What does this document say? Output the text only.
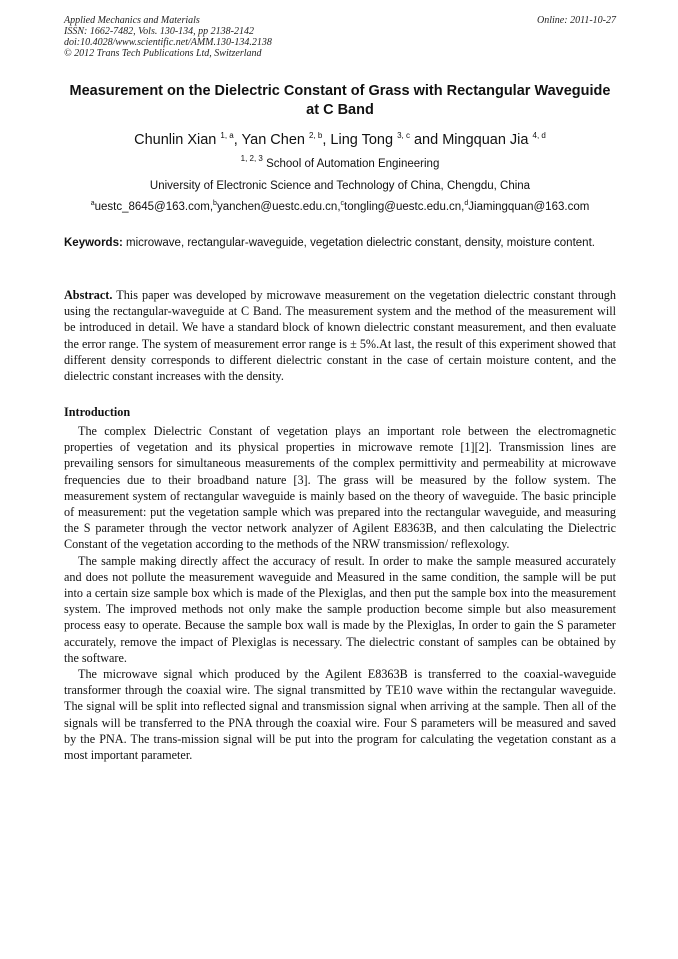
Applied Mechanics and Materials
ISSN: 1662-7482, Vols. 130-134, pp 2138-2142
doi:10.4028/www.scientific.net/AMM.130-134.2138
© 2012 Trans Tech Publications Ltd, Switzerland
Online: 2011-10-27
Measurement on the Dielectric Constant of Grass with Rectangular Waveguide at C Band
Chunlin Xian $^{1, a}$, Yan Chen $^{2, b}$, Ling Tong $^{3, c}$ and Mingquan Jia $^{4, d}$
$^{1, 2, 3}$ School of Automation Engineering
University of Electronic Science and Technology of China, Chengdu, China
$^a$uestc_8645@163.com,$^b$yanchen@uestc.edu.cn,$^c$tongling@uestc.edu.cn,$^d$Jiamingquan@163.com
Keywords: microwave, rectangular-waveguide, vegetation dielectric constant, density, moisture content.
Abstract. This paper was developed by microwave measurement on the vegetation dielectric constant through using the rectangular-waveguide at C Band. The measurement system and the method of the measurement will be introduced in detail. We have a standard block of known dielectric constant measurement, and then evaluate the error range. The system of measurement error range is ± 5%.At last, the result of this experiment showed that different density corresponds to different dielectric constant in the case of certain moisture content, and the dielectric constant increases with the density.
Introduction

The complex Dielectric Constant of vegetation plays an important role between the electromagnetic properties of vegetation and its physical properties in microwave remote [1][2]. Transmission lines are prevailing sensors for simultaneous measurements of the complex permittivity and permeability at microwave frequencies due to their broadband nature [3]. The grass will be measured by the follow system. The measurement system of rectangular waveguide is mainly based on the theory of waveguide. The basic principle of measurement: put the vegetation sample which was prepared into the rectangular waveguide, and measuring the S parameter through the vector network analyzer of Agilent E8363B, and then calculating the Dielectric Constant of the vegetation according to the methods of the NRW transmission/ reflexology.

The sample making directly affect the accuracy of result. In order to make the sample measured accurately and does not pollute the measurement waveguide and Measured in the same condition, the sample will be put into a certain size sample box which is made of the Plexiglas, and then put the sample box into the measurement system. The improved methods not only make the sample production become simple but also measurement process easy to operate. Because the sample box wall is made by the Plexiglas, In order to gain the S parameter accurately, remove the impact of Plexiglas is necessary. The dielectric constant of samples can be obtained by the software.

The microwave signal which produced by the Agilent E8363B is transferred to the coaxial-waveguide transformer through the coaxial wire. The signal transmitted by TE10 wave within the rectangular waveguide. The signal will be split into reflected signal and transmission signal when arriving at the sample. Then all of the signals will be transferred to the PNA through the coaxial wire. Four S parameters will be measured and saved by the PNA. The trans-mission signal will be put into the program for calculating the vegetation constant as a most important parameter.
